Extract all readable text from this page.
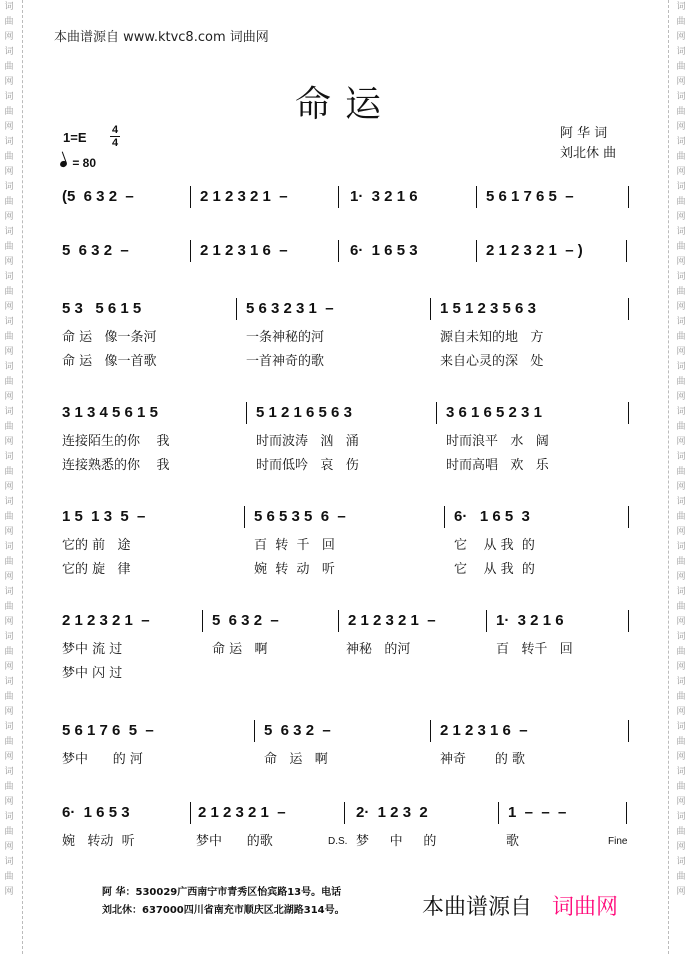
词
曲
网
词
曲
网
词
曲
网
词
曲
网
词
曲
网
词
曲
网
词
曲
网
词
曲
网
词
曲
网
词
曲
网
词
曲
网
词
曲
网
词
曲
网
词
曲
网
词
曲
网
词
曲
网
词
曲
网
词
曲
网
词
曲
网
词
曲
网
词
曲
网
词
曲
网
词
曲
网
词
曲
网
词
曲
网
词
曲
网
词
曲
网
词
曲
网
词
曲
网
词
曲
网
词
曲
网
词
曲
网
词
曲
网
词
曲
网
词
曲
网
词
曲
网
词
曲
网
词
曲
网
词
曲
网
词
曲
网
本曲谱源自 www.ktvc8.com 词曲网
命运
1=E 4
4
= 80
阿 华 词
刘北休 曲
(5  6 3 2  –	2 1 2 3 2 1  –	1·  3 2 1 6	5 6 1 7 6 5  –
5  6 3 2  –	2 1 2 3 1 6  –	6·  1 6 5 3	2 1 2 3 2 1  – )
5 3   5 6 1 5	5 6 3 2 3 1  –	1 5 1 2 3 5 6 3
命 运   像一条河	一条神秘的河	源自未知的地   方
命 运   像一首歌	一首神奇的歌	来自心灵的深   处
3 1 3 4 5 6 1 5	5 1 2 1 6 5 6 3	3 6 1 6 5 2 3 1
连接陌生的你    我	时而波涛   汹   涌	时而浪平   水   阔
连接熟悉的你    我	时而低吟   哀   伤	时而高唱   欢   乐
1 5  1 3  5  –	5 6 5 3 5  6  –	6·   1 6 5  3
它的 前   途	百  转  千   回	它    从 我  的
它的 旋   律	婉  转  动   听	它    从 我  的
2 1 2 3 2 1  –	5  6 3 2  –	2 1 2 3 2 1  –	1·  3 2 1 6
梦中 流 过	命 运   啊	神秘   的河	百   转千   回
梦中 闪 过
5 6 1 7 6  5  –	5  6 3 2  –	2 1 2 3 1 6  –
梦中      的 河	命   运   啊	神奇       的 歌
6·  1 6 5 3	2 1 2 3 2 1  –	2·  1 2 3  2	1  –  –  –
婉   转动  听	梦中      的歌	梦     中     的	歌
D.S.	Fine
阿 华：530029广西南宁市青秀区怡宾路13号。电话
刘北休：637000四川省南充市顺庆区北湖路314号。	本曲谱源自 词曲网
